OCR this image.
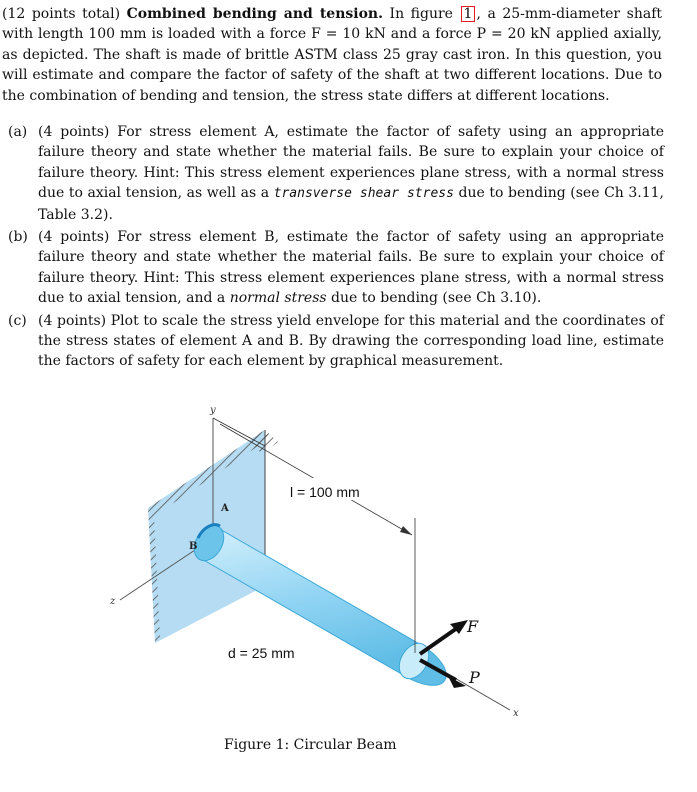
(12 points total) Combined bending and tension. In figure 1 , a 25-mm-diameter shaft with length 100 mm is loaded with a force F = 10 kN and a force P = 20 kN applied axially, as depicted. The shaft is made of brittle ASTM class 25 gray cast iron. In this question, you will estimate and compare the factor of safety of the shaft at two different locations. Due to the combination of bending and tension, the stress state differs at different locations.
(a) (4 points) For stress element A, estimate the factor of safety using an appropriate failure theory and state whether the material fails. Be sure to explain your choice of failure theory. Hint: This stress element experiences plane stress, with a normal stress due to axial tension, as well as a transverse shear stress due to bending (see Ch 3.11, Table 3.2).
(b) (4 points) For stress element B, estimate the factor of safety using an appropriate failure theory and state whether the material fails. Be sure to explain your choice of failure theory. Hint: This stress element experiences plane stress, with a normal stress due to axial tension, and a normal stress due to bending (see Ch 3.10).
(c) (4 points) Plot to scale the stress yield envelope for this material and the coordinates of the stress states of element A and B. By drawing the corresponding load line, estimate the factors of safety for each element by graphical measurement.
y
z
x
A
B
l = 100 mm
d = 25 mm
F
P
Figure 1: Circular Beam
